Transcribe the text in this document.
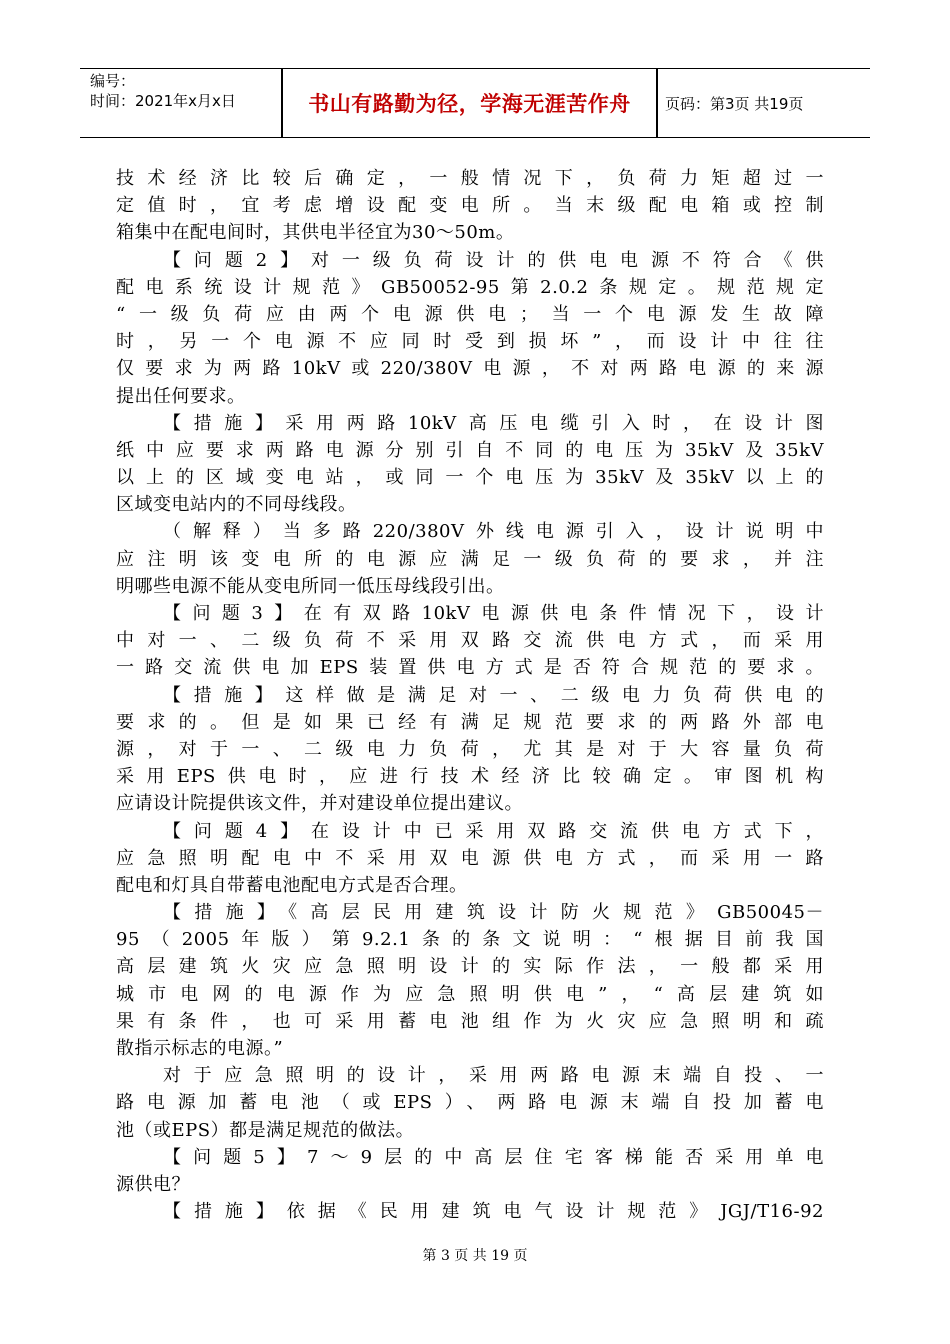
编号：
时间：2021年x月x日	书山有路勤为径，学海无涯苦作舟	页码：第3页 共19页
技术经济比较后确定，一般情况下，负荷力矩超过一
定值时，宜考虑增设配变电所。当末级配电箱或控制
箱集中在配电间时，其供电半径宜为30～50m。
【问题2】对一级负荷设计的供电电源不符合《供
配电系统设计规范》GB50052-95第2.0.2条规定。规范规定
“一级负荷应由两个电源供电；当一个电源发生故障
时，另一个电源不应同时受到损坏”，而设计中往往
仅要求为两路10kV或220/380V电源，不对两路电源的来源
提出任何要求。
【措施】采用两路10kV高压电缆引入时，在设计图
纸中应要求两路电源分别引自不同的电压为35kV及35kV
以上的区域变电站，或同一个电压为35kV及35kV以上的
区域变电站内的不同母线段。
（解释）当多路220/380V外线电源引入，设计说明中
应注明该变电所的电源应满足一级负荷的要求，并注
明哪些电源不能从变电所同一低压母线段引出。
【问题3】在有双路10kV电源供电条件情况下，设计
中对一、二级负荷不采用双路交流供电方式，而采用
一路交流供电加EPS装置供电方式是否符合规范的要求。
【措施】这样做是满足对一、二级电力负荷供电的
要求的。但是如果已经有满足规范要求的两路外部电
源，对于一、二级电力负荷，尤其是对于大容量负荷
采用EPS供电时，应进行技术经济比较确定。审图机构
应请设计院提供该文件，并对建设单位提出建议。
【问题4】在设计中已采用双路交流供电方式下，
应急照明配电中不采用双电源供电方式，而采用一路
配电和灯具自带蓄电池配电方式是否合理。
【措施】《高层民用建筑设计防火规范》GB50045－
95（2005年版）第9.2.1条的条文说明：“根据目前我国
高层建筑火灾应急照明设计的实际作法，一般都采用
城市电网的电源作为应急照明供电”，“高层建筑如
果有条件，也可采用蓄电池组作为火灾应急照明和疏
散指示标志的电源。”
对于应急照明的设计，采用两路电源末端自投、一
路电源加蓄电池（或EPS）、两路电源末端自投加蓄电
池（或EPS）都是满足规范的做法。
【问题5】7～9层的中高层住宅客梯能否采用单电
源供电？
【措施】依据《民用建筑电气设计规范》JGJ/T16-92
第 3 页 共 19 页
